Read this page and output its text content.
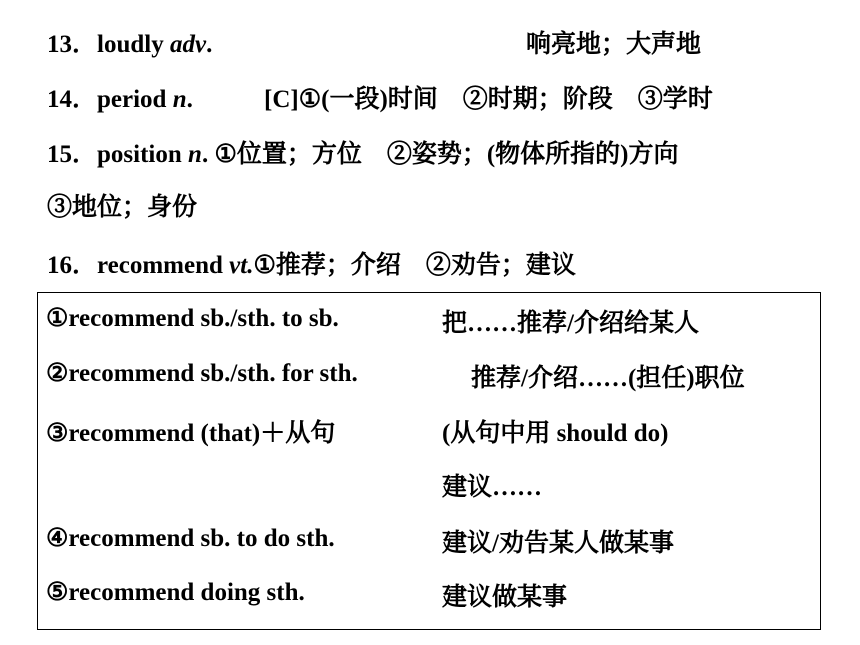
13．loudly adv.	响亮地；大声地
14．period n.	[C]①(一段)时间　②时期；阶段　③学时
15．position n. ①位置；方位　②姿势；(物体所指的)方向
③地位；身份
16．recommend vt.①推荐；介绍　②劝告；建议
①recommend sb./sth. to sb.	把……推荐/介绍给某人
②recommend sb./sth. for sth.	推荐/介绍……(担任)职位
③recommend (that)＋从句	(从句中用 should do)
建议……
④recommend sb. to do sth.	建议/劝告某人做某事
⑤recommend doing sth.	建议做某事
